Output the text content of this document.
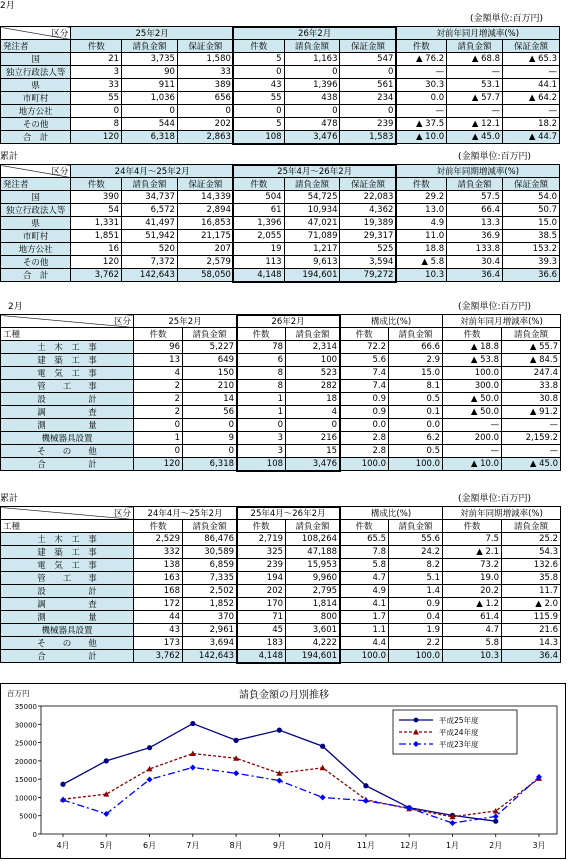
2月
(金額単位:百万円)
区分	25年2月			26年2月			対前年同月増減率(%)		
発注者	件数	請負金額	保証金額	件数	請負金額	保証金額	件数	請負金額	保証金額
国	21	3,735	1,580	5	1,163	547	▲ 76.2	▲ 68.8	▲ 65.3
独立行政法人等	3	90	33	0	0	0	—	—	—
県	33	911	389	43	1,396	561	30.3	53.1	44.1
市町村	55	1,036	656	55	438	234	0.0	▲ 57.7	▲ 64.2
地方公社	0	0	0	0	0	0	—	—	—
その他	8	544	202	5	478	239	▲ 37.5	▲ 12.1	18.2
合　計	120	6,318	2,863	108	3,476	1,583	▲ 10.0	▲ 45.0	▲ 44.7
累計	(金額単位:百万円)
区分	24年4月～25年2月			25年4月～26年2月			対前年同期増減率(%)		
発注者	件数	請負金額	保証金額	件数	請負金額	保証金額	件数	請負金額	保証金額
国	390	34,737	14,339	504	54,725	22,083	29.2	57.5	54.0
独立行政法人等	54	6,572	2,894	61	10,934	4,362	13.0	66.4	50.7
県	1,331	41,497	16,853	1,396	47,021	19,389	4.9	13.3	15.0
市町村	1,851	51,942	21,175	2,055	71,089	29,317	11.0	36.9	38.5
地方公社	16	520	207	19	1,217	525	18.8	133.8	153.2
その他	120	7,372	2,579	113	9,613	3,594	▲ 5.8	30.4	39.3
合　計	3,762	142,643	58,050	4,148	194,601	79,272	10.3	36.4	36.6
2月	(金額単位:百万円)
区分	25年2月		26年2月		構成比(%)		対前年同月増減率(%)	
工種	件数	請負金額	件数	請負金額	件数	請負金額	件数	請負金額
土　木　工　事	96	5,227	78	2,314	72.2	66.6	▲ 18.8	▲ 55.7
建　築　工　事	13	649	6	100	5.6	2.9	▲ 53.8	▲ 84.5
電　気　工　事	4	150	8	523	7.4	15.0	100.0	247.4
管　　工　　事	2	210	8	282	7.4	8.1	300.0	33.8
設　　　　　計	2	14	1	18	0.9	0.5	▲ 50.0	30.8
調　　　　　査	2	56	1	4	0.9	0.1	▲ 50.0	▲ 91.2
測　　　　　量	0	0	0	0	0.0	0.0	—	—
機械器具設置	1	9	3	216	2.8	6.2	200.0	2,159.2
そ　　の　　他	0	0	3	15	2.8	0.5	—	—
合　　　　　計	120	6,318	108	3,476	100.0	100.0	▲ 10.0	▲ 45.0
累計	(金額単位:百万円)
区分	24年4月～25年2月		25年4月～26年2月		構成比(%)		対前年同期増減率(%)	
工種	件数	請負金額	件数	請負金額	件数	請負金額	件数	請負金額
土　木　工　事	2,529	86,476	2,719	108,264	65.5	55.6	7.5	25.2
建　築　工　事	332	30,589	325	47,188	7.8	24.2	▲ 2.1	54.3
電　気　工　事	138	6,859	239	15,953	5.8	8.2	73.2	132.6
管　　工　　事	163	7,335	194	9,960	4.7	5.1	19.0	35.8
設　　　　　計	168	2,502	202	2,795	4.9	1.4	20.2	11.7
調　　　　　査	172	1,852	170	1,814	4.1	0.9	▲ 1.2	▲ 2.0
測　　　　　量	44	370	71	800	1.7	0.4	61.4	115.9
機械器具設置	43	2,961	45	3,601	1.1	1.9	4.7	21.6
そ　　の　　他	173	3,694	183	4,222	4.4	2.2	5.8	14.3
合　　　　　計	3,762	142,643	4,148	194,601	100.0	100.0	10.3	36.4
請負金額の月別推移
百万円
0
5000
10000
15000
20000
25000
30000
35000
4月	5月	6月	7月	8月	9月	10月	11月	12月	1月	2月	3月
平成25年度
平成24年度
平成23年度
